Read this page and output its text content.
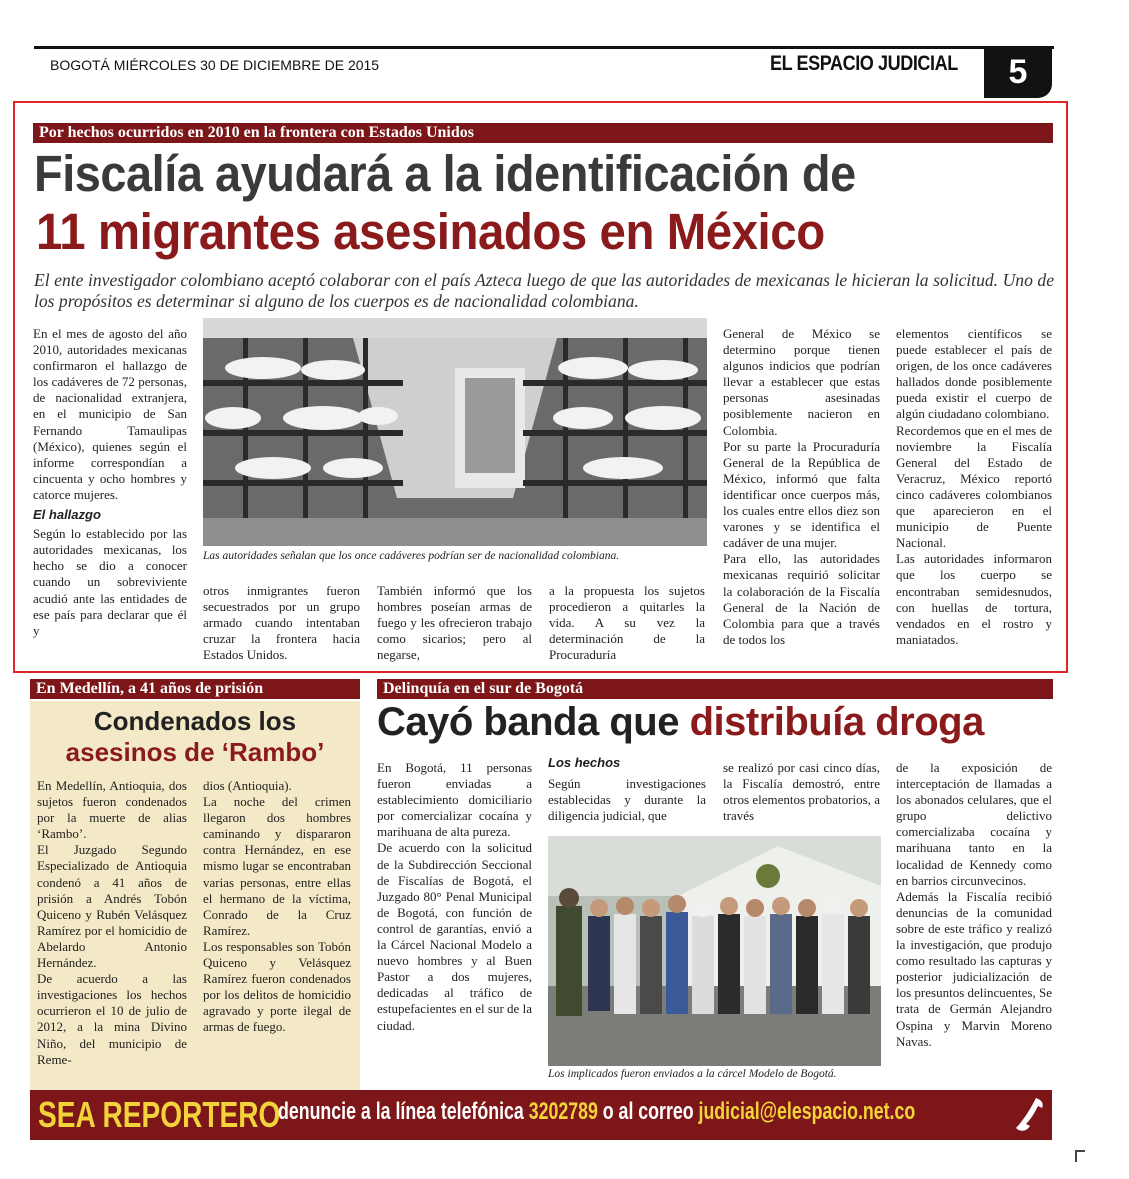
BOGOTÁ MIÉRCOLES 30 DE DICIEMBRE DE 2015	EL ESPACIO JUDICIAL	5
Por hechos ocurridos en 2010 en la frontera con Estados Unidos
Fiscalía ayudará a la identificación de
11 migrantes asesinados en México
El ente investigador colombiano aceptó colaborar con el país Azteca luego de que las autoridades de mexicanas le hicieran la solicitud. Uno de los propósitos es determinar si alguno de los cuerpos es de nacionalidad colombiana.

En el mes de agosto del año 2010, autoridades mexicanas confirmaron el hallazgo de los cadáveres de 72 personas, de nacionalidad extranjera, en el municipio de San Fernando Tamaulipas (México), quienes según el informe correspondían a cincuenta y ocho hombres y catorce mujeres.

El hallazgo

Según lo establecido por las autoridades mexicanas, los hecho se dio a conocer cuando un sobreviviente acudió ante las entidades de ese país para declarar que él y

Las autoridades señalan que los once cadáveres podrían ser de nacionalidad colombiana.
otros inmigrantes fueron secuestrados por un grupo armado cuando intentaban cruzar la frontera hacia Estados Unidos.
También informó que los hombres poseían armas de fuego y les ofrecieron trabajo como sicarios; pero al negarse,
a la propuesta los sujetos procedieron a quitarles la vida. A su vez la determinación de la Procuraduría

General de México se determino porque tienen algunos indicios que podrían llevar a establecer que estas personas asesinadas posiblemente nacieron en Colombia.

Por su parte la Procuraduría General de la República de México, informó que falta identificar once cuerpos más, los cuales entre ellos diez son varones y se identifica el cadáver de una mujer.

Para ello, las autoridades mexicanas requirió solicitar la colaboración de la Fiscalía General de la Nación de Colombia para que a través de todos los

elementos científicos se puede establecer el país de origen, de los once cadáveres hallados donde posiblemente pueda existir el cuerpo de algún ciudadano colombiano.

Recordemos que en el mes de noviembre la Fiscalía General del Estado de Veracruz, México reportó cinco cadáveres colombianos que aparecieron en el municipio de Puente Nacional.

Las autoridades informaron que los cuerpo se encontraban semidesnudos, con huellas de tortura, vendados en el rostro y maniatados.

En Medellín, a 41 años de prisión
Condenados los
asesinos de ‘Rambo’

En Medellín, Antioquia, dos sujetos fueron condenados por la muerte de alias ‘Rambo’.

El Juzgado Segundo Especializado de Antioquia condenó a 41 años de prisión a Andrés Tobón Quiceno y Rubén Velásquez Ramírez por el homicidio de Abelardo Antonio Hernández.

De acuerdo a las investigaciones los hechos ocurrieron el 10 de julio de 2012, a la mina Divino Niño, del municipio de Reme-

dios (Antioquia).

La noche del crimen llegaron dos hombres caminando y dispararon contra Hernández, en ese mismo lugar se encontraban varias personas, entre ellas el hermano de la víctima, Conrado de la Cruz Ramírez.

Los responsables son Tobón Quiceno y Velásquez Ramírez fueron condenados por los delitos de homicidio agravado y porte ilegal de armas de fuego.

Delinquía en el sur de Bogotá
Cayó banda que distribuía droga

En Bogotá, 11 personas fueron enviadas a establecimiento domiciliario por comercializar cocaína y marihuana de alta pureza.

De acuerdo con la solicitud de la Subdirección Seccional de Fiscalías de Bogotá, el Juzgado 80° Penal Municipal de Bogotá, con función de control de garantías, envió a la Cárcel Nacional Modelo a nuevo hombres y al Buen Pastor a dos mujeres, dedicadas al tráfico de estupefacientes en el sur de la ciudad.

Los hechos
Según investigaciones establecidas y durante la diligencia judicial, que
se realizó por casi cinco días, la Fiscalía demostró, entre otros elementos probatorios, a través

de la exposición de interceptación de llamadas a los abonados celulares, que el grupo delictivo comercializaba cocaína y marihuana tanto en la localidad de Kennedy como en barrios circunvecinos.

Además la Fiscalía recibió denuncias de la comunidad sobre de este tráfico y realizó la investigación, que produjo como resultado las capturas y posterior judicialización de los presuntos delincuentes, Se trata de Germán Alejandro Ospina y Marvin Moreno Navas.

Los implicados fueron enviados a la cárcel Modelo de Bogotá.
SEA REPORTERO
denuncie a la línea telefónica 3202789 o al correo judicial@elespacio.net.co
